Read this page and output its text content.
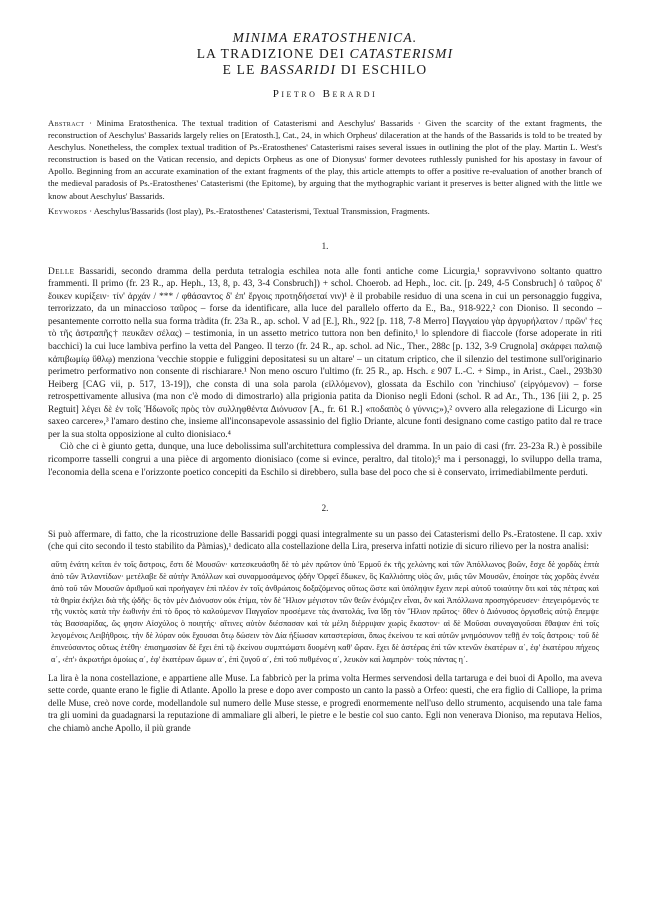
MINIMA ERATOSTHENICA.

LA TRADIZIONE DEI CATASTERISMI

E LE BASSARIDI DI ESCHILO

Pietro Berardi

Abstract · Minima Eratosthenica. The textual tradition of Catasterismi and Aeschylus' Bassarids · Given the scarcity of the extant fragments, the reconstruction of Aeschylus' Bassarids largely relies on [Eratosth.], Cat., 24, in which Orpheus' dilaceration at the hands of the Bassarids is told to be treated by Aeschylus. Nonetheless, the complex textual tradition of Ps.-Eratosthenes' Catasterismi raises several issues in outlining the plot of the play. Martin L. West's reconstruction is based on the Vatican recensio, and depicts Orpheus as one of Dionysus' former devotees ruthlessly punished for his apostasy in favour of Apollo. Beginning from an accurate examination of the extant fragments of the play, this article attempts to offer a positive re-evaluation of another branch of the medieval paradosis of Ps.-Eratosthenes' Catasterismi (the Epitome), by arguing that the mythographic variant it preserves is better aligned with the little we know about Aeschylus' Bassarids.

Keywords · Aeschylus'Bassarids (lost play), Ps.-Eratosthenes' Catasterismi, Textual Transmission, Fragments.

1.

Delle Bassaridi, secondo dramma della perduta tetralogia eschilea nota alle fonti antiche come Licurgia,¹ sopravvivono soltanto quattro frammenti. Il primo (fr. 23 R., ap. Heph., 13, 8, p. 43, 3-4 Consbruch]) + schol. Choerob. ad Heph., loc. cit. [p. 249, 4-5 Consbruch] ὁ ταῦρος δ' ἔοικεν κυρίξειν· τίν' ἀρχάν / *** / φθάσαντος δ' ἐπ' ἔργοις προτηδήσεταί νιν)¹ è il probabile residuo di una scena in cui un personaggio fuggiva, terrorizzato, da un minaccioso ταῦρος – forse da identificare, alla luce del parallelo offerto da E., Ba., 918-922,² con Dioniso. Il secondo – pesantemente corrotto nella sua forma tràdita (fr. 23a R., ap. schol. V ad [E.], Rh., 922 [p. 118, 7-8 Merro] Παγγαίου γὰρ ἀργυρήλατον / πρῶν' †ες τὸ τῆς ἀστραπῆς† πευκᾶεν σέλας) – testimonia, in un assetto metrico tuttora non ben definito,¹ lo splendore di fiaccole (forse adoperate in riti bacchici) la cui luce lambiva perfino la vetta del Pangeo. Il terzo (fr. 24 R., ap. schol. ad Nic., Ther., 288c [p. 132, 3-9 Crugnola] σκάρφει παλαιῷ κἀπιβωμίῳ ὕθλῳ) menziona 'vecchie stoppie e fuliggini depositatesi su un altare' – un citatum criptico, che il silenzio del testimone sull'originario perimetro performativo non consente di rischiarare.¹ Non meno oscuro l'ultimo (fr. 25 R., ap. Hsch. ε 907 L.-C. + Simp., in Arist., Cael., 293b30 Heiberg [CAG vii, p. 517, 13-19]), che consta di una sola parola (εἰλλόμενον), glossata da Eschilo con 'rinchiuso' (εἰργόμενον) – forse retrospettivamente allusiva (ma non c'è modo di dimostrarlo) alla prigionia patita da Dioniso negli Edoni (schol. R ad Ar., Th., 136 [iii 2, p. 25 Regtuit] λέγει δὲ ἐν τοῖς Ἠδωνοῖς πρὸς τὸν συλληφθέντα Διόνυσον [A., fr. 61 R.] «ποδαπὸς ὁ γύννις;»),² ovvero alla relegazione di Licurgo «in saxeo carcere»,³ l'amaro destino che, insieme all'inconsapevole assassinio del figlio Driante, alcune fonti designano come castigo patito dal re trace per la sua stolta opposizione al culto dionisiaco.⁴

Ciò che ci è giunto getta, dunque, una luce debolissima sull'architettura complessiva del dramma. In un paio di casi (frr. 23-23a R.) è possibile ricomporre tasselli congrui a una pièce di argomento dionisiaco (come si evince, peraltro, dal titolo);⁵ ma i personaggi, lo sviluppo della trama, l'economia della scena e l'orizzonte poetico concepiti da Eschilo si direbbero, sulla base del poco che si è conservato, irrimediabilmente perduti.

2.

Si può affermare, di fatto, che la ricostruzione delle Bassaridi poggi quasi integralmente su un passo dei Catasterismi dello Ps.-Eratostene. Il cap. xxiv (che qui cito secondo il testo stabilito da Pàmias),¹ dedicato alla costellazione della Lira, preserva infatti notizie di sicuro rilievo per la nostra analisi:

αὕτη ἐνάτη κεῖται ἐν τοῖς ἄστροις, ἔστι δὲ Μουσῶν· κατεσκευάσθη δὲ τὸ μὲν πρῶτον ὑπὸ Ἑρμοῦ ἐκ τῆς χελώνης καὶ τῶν Ἀπόλλωνος βοῶν, ἔσχε δὲ χορδὰς ἑπτὰ ἀπὸ τῶν Ἀτλαντίδων· μετέλαβε δὲ αὐτὴν Ἀπόλλων καὶ συναρμοσάμενος ᾠδὴν Ὀρφεῖ ἔδωκεν, ὃς Καλλιόπης υἱὸς ὤν, μιᾶς τῶν Μουσῶν, ἐποίησε τὰς χορδὰς ἐννέα ἀπὸ τοῦ τῶν Μουσῶν ἀριθμοῦ καὶ προήγαγεν ἐπὶ πλέον ἐν τοῖς ἀνθρώποις δοξαζόμενος οὕτως ὥστε καὶ ὑπόληψιν ἔχειν περὶ αὐτοῦ τοιαύτην ὅτι καὶ τὰς πέτρας καὶ τὰ θηρία ἐκήλει διὰ τῆς ᾠδῆς· ὃς τὸν μὲν Διόνυσον οὐκ ἐτίμα, τὸν δὲ Ἥλιον μέγιστον τῶν θεῶν ἐνόμιζεν εἶναι, ὃν καὶ Ἀπόλλωνα προσηγόρευσεν· ἐπεγειρόμενός τε τῆς νυκτὸς κατὰ τὴν ἑωθινὴν ἐπὶ τὸ ὄρος τὸ καλούμενον Παγγαῖον προσέμενε τὰς ἀνατολάς, ἵνα ἴδῃ τὸν Ἥλιον πρῶτος· ὅθεν ὁ Διόνυσος ὀργισθεὶς αὐτῷ ἔπεμψε τὰς Βασσαρίδας, ὥς φησιν Αἰσχύλος ὁ ποιητής· αἵτινες αὐτὸν διέσπασαν καὶ τὰ μέλη διέρριψαν χωρὶς ἕκαστον· αἱ δὲ Μοῦσαι συναγαγοῦσαι ἔθαψαν ἐπὶ τοῖς λεγομένοις Λειβήθροις. τὴν δὲ λύραν οὐκ ἔχουσαι ὅτῳ δώσειν τὸν Δία ἠξίωσαν καταστερίσαι, ὅπως ἐκείνου τε καὶ αὐτῶν μνημόσυνον τεθῇ ἐν τοῖς ἄστροις· τοῦ δὲ ἐπινεύσαντος οὕτως ἐτέθη· ἐπισημασίαν δὲ ἔχει ἐπὶ τῷ ἐκείνου συμπτώματι δυομένη καθ' ὥραν. ἔχει δὲ ἀστέρας ἐπὶ τῶν κτενῶν ἑκατέρων α΄, ἐφ' ἑκατέρου πήχεος α΄, ‹ἐπ'› ἀκρωτήρι ὁμοίως α΄, ἐφ' ἑκατέρων ὤμων α΄, ἐπὶ ζυγοῦ α΄, ἐπὶ τοῦ πυθμένος α΄, λευκὸν καὶ λαμπρὸν· τοὺς πάντας η΄.

La lira è la nona costellazione, e appartiene alle Muse. La fabbricò per la prima volta Hermes servendosi della tartaruga e dei buoi di Apollo, ma aveva sette corde, quante erano le figlie di Atlante. Apollo la prese e dopo aver composto un canto la passò a Orfeo: questi, che era figlio di Calliope, la prima delle Muse, creò nove corde, modellandole sul numero delle Muse stesse, e progredì enormemente nell'uso dello strumento, acquisendo una tale fama tra gli uomini da guadagnarsi la reputazione di ammaliare gli alberi, le pietre e le bestie col suo canto. Egli non venerava Dioniso, ma reputava Helios, che chiamò anche Apollo, il più grande
